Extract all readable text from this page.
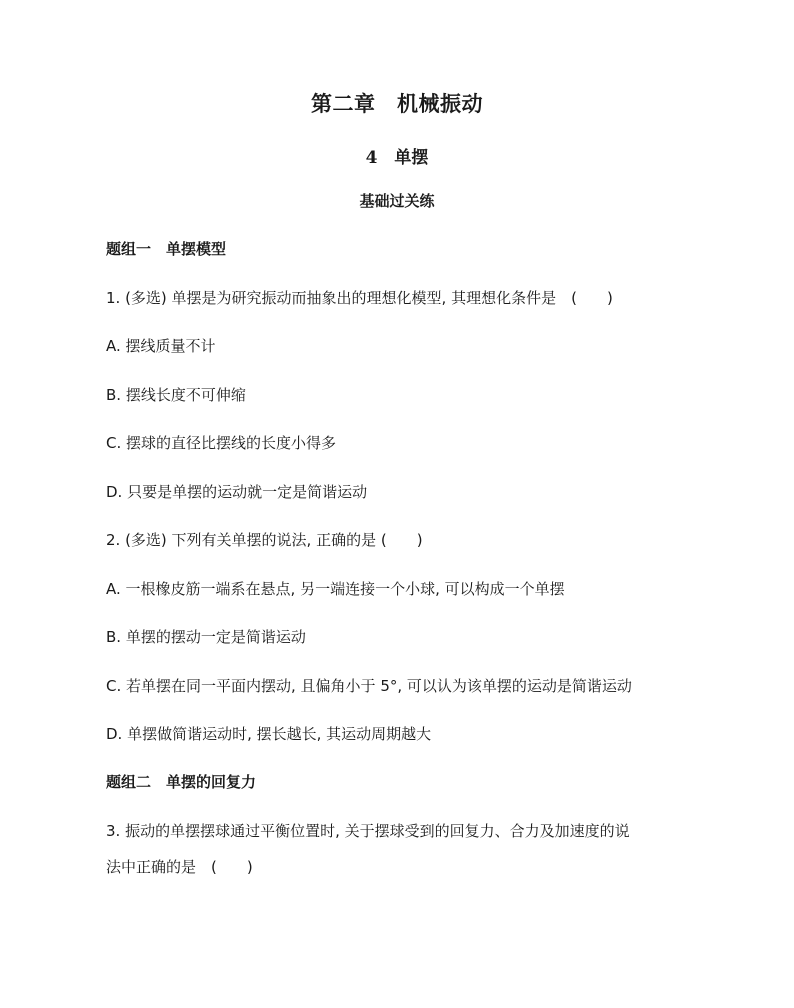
第二章　机械振动
4　单摆
基础过关练
题组一　单摆模型
1. (多选) 单摆是为研究振动而抽象出的理想化模型, 其理想化条件是　(　　)
A. 摆线质量不计
B. 摆线长度不可伸缩
C. 摆球的直径比摆线的长度小得多
D. 只要是单摆的运动就一定是简谐运动
2. (多选) 下列有关单摆的说法, 正确的是 (　　)
A. 一根橡皮筋一端系在悬点, 另一端连接一个小球, 可以构成一个单摆
B. 单摆的摆动一定是简谐运动
C. 若单摆在同一平面内摆动, 且偏角小于 5°, 可以认为该单摆的运动是简谐运动
D. 单摆做简谐运动时, 摆长越长, 其运动周期越大
题组二　单摆的回复力
3. 振动的单摆摆球通过平衡位置时, 关于摆球受到的回复力、合力及加速度的说
法中正确的是　(　　)
